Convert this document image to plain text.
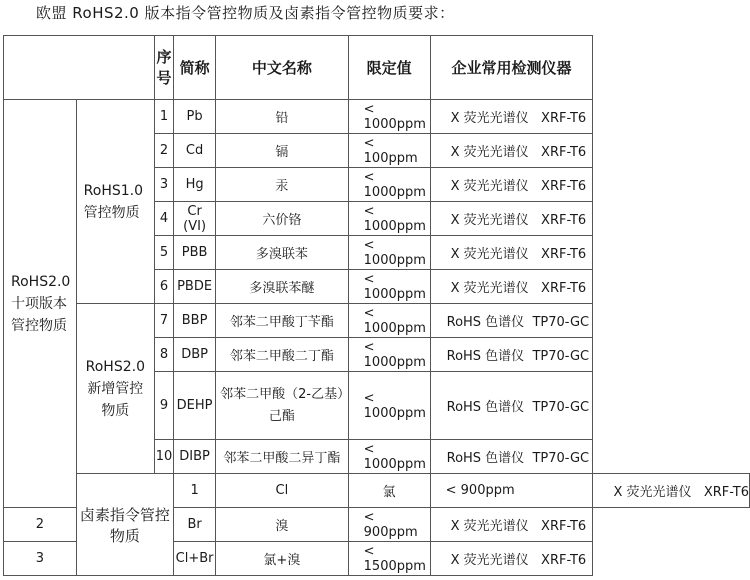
欧盟 RoHS2.0 版本指令管控物质及卤素指令管控物质要求：
		序号	简称	中文名称	限定值	企业常用检测仪器	

RoHS2.0十项版本管控物质	RoHS1.0管控物质	1	Pb	铅	< 1000ppm	X 荧光光谱仪   XRF-T6	
		2	Cd	镉	< 100ppm	X 荧光光谱仪   XRF-T6	
		3	Hg	汞	< 1000ppm	X 荧光光谱仪   XRF-T6	
		4	Cr (VI)	六价铬	< 1000ppm	X 荧光光谱仪   XRF-T6	
		5	PBB	多溴联苯	< 1000ppm	X 荧光光谱仪   XRF-T6	
		6	PBDE	多溴联苯醚	< 1000ppm	X 荧光光谱仪   XRF-T6	

	RoHS2.0新增管控物质	7	BBP	邻苯二甲酸丁苄酯	< 1000ppm	RoHS 色谱仪  TP70-GC	
		8	DBP	邻苯二甲酸二丁酯	< 1000ppm	RoHS 色谱仪  TP70-GC	
		9	DEHP	邻苯二甲酸（2-乙基）己酯	< 1000ppm	RoHS 色谱仪  TP70-GC	
		10	DIBP	邻苯二甲酸二异丁酯	< 1000ppm	RoHS 色谱仪  TP70-GC	
	卤素指令管控物质		1	Cl	氯	< 900ppm	X 荧光光谱仪   XRF-T6
2			Br	溴	< 900ppm	X 荧光光谱仪   XRF-T6	
3			Cl+Br	氯+溴	< 1500ppm	X 荧光光谱仪   XRF-T6	
